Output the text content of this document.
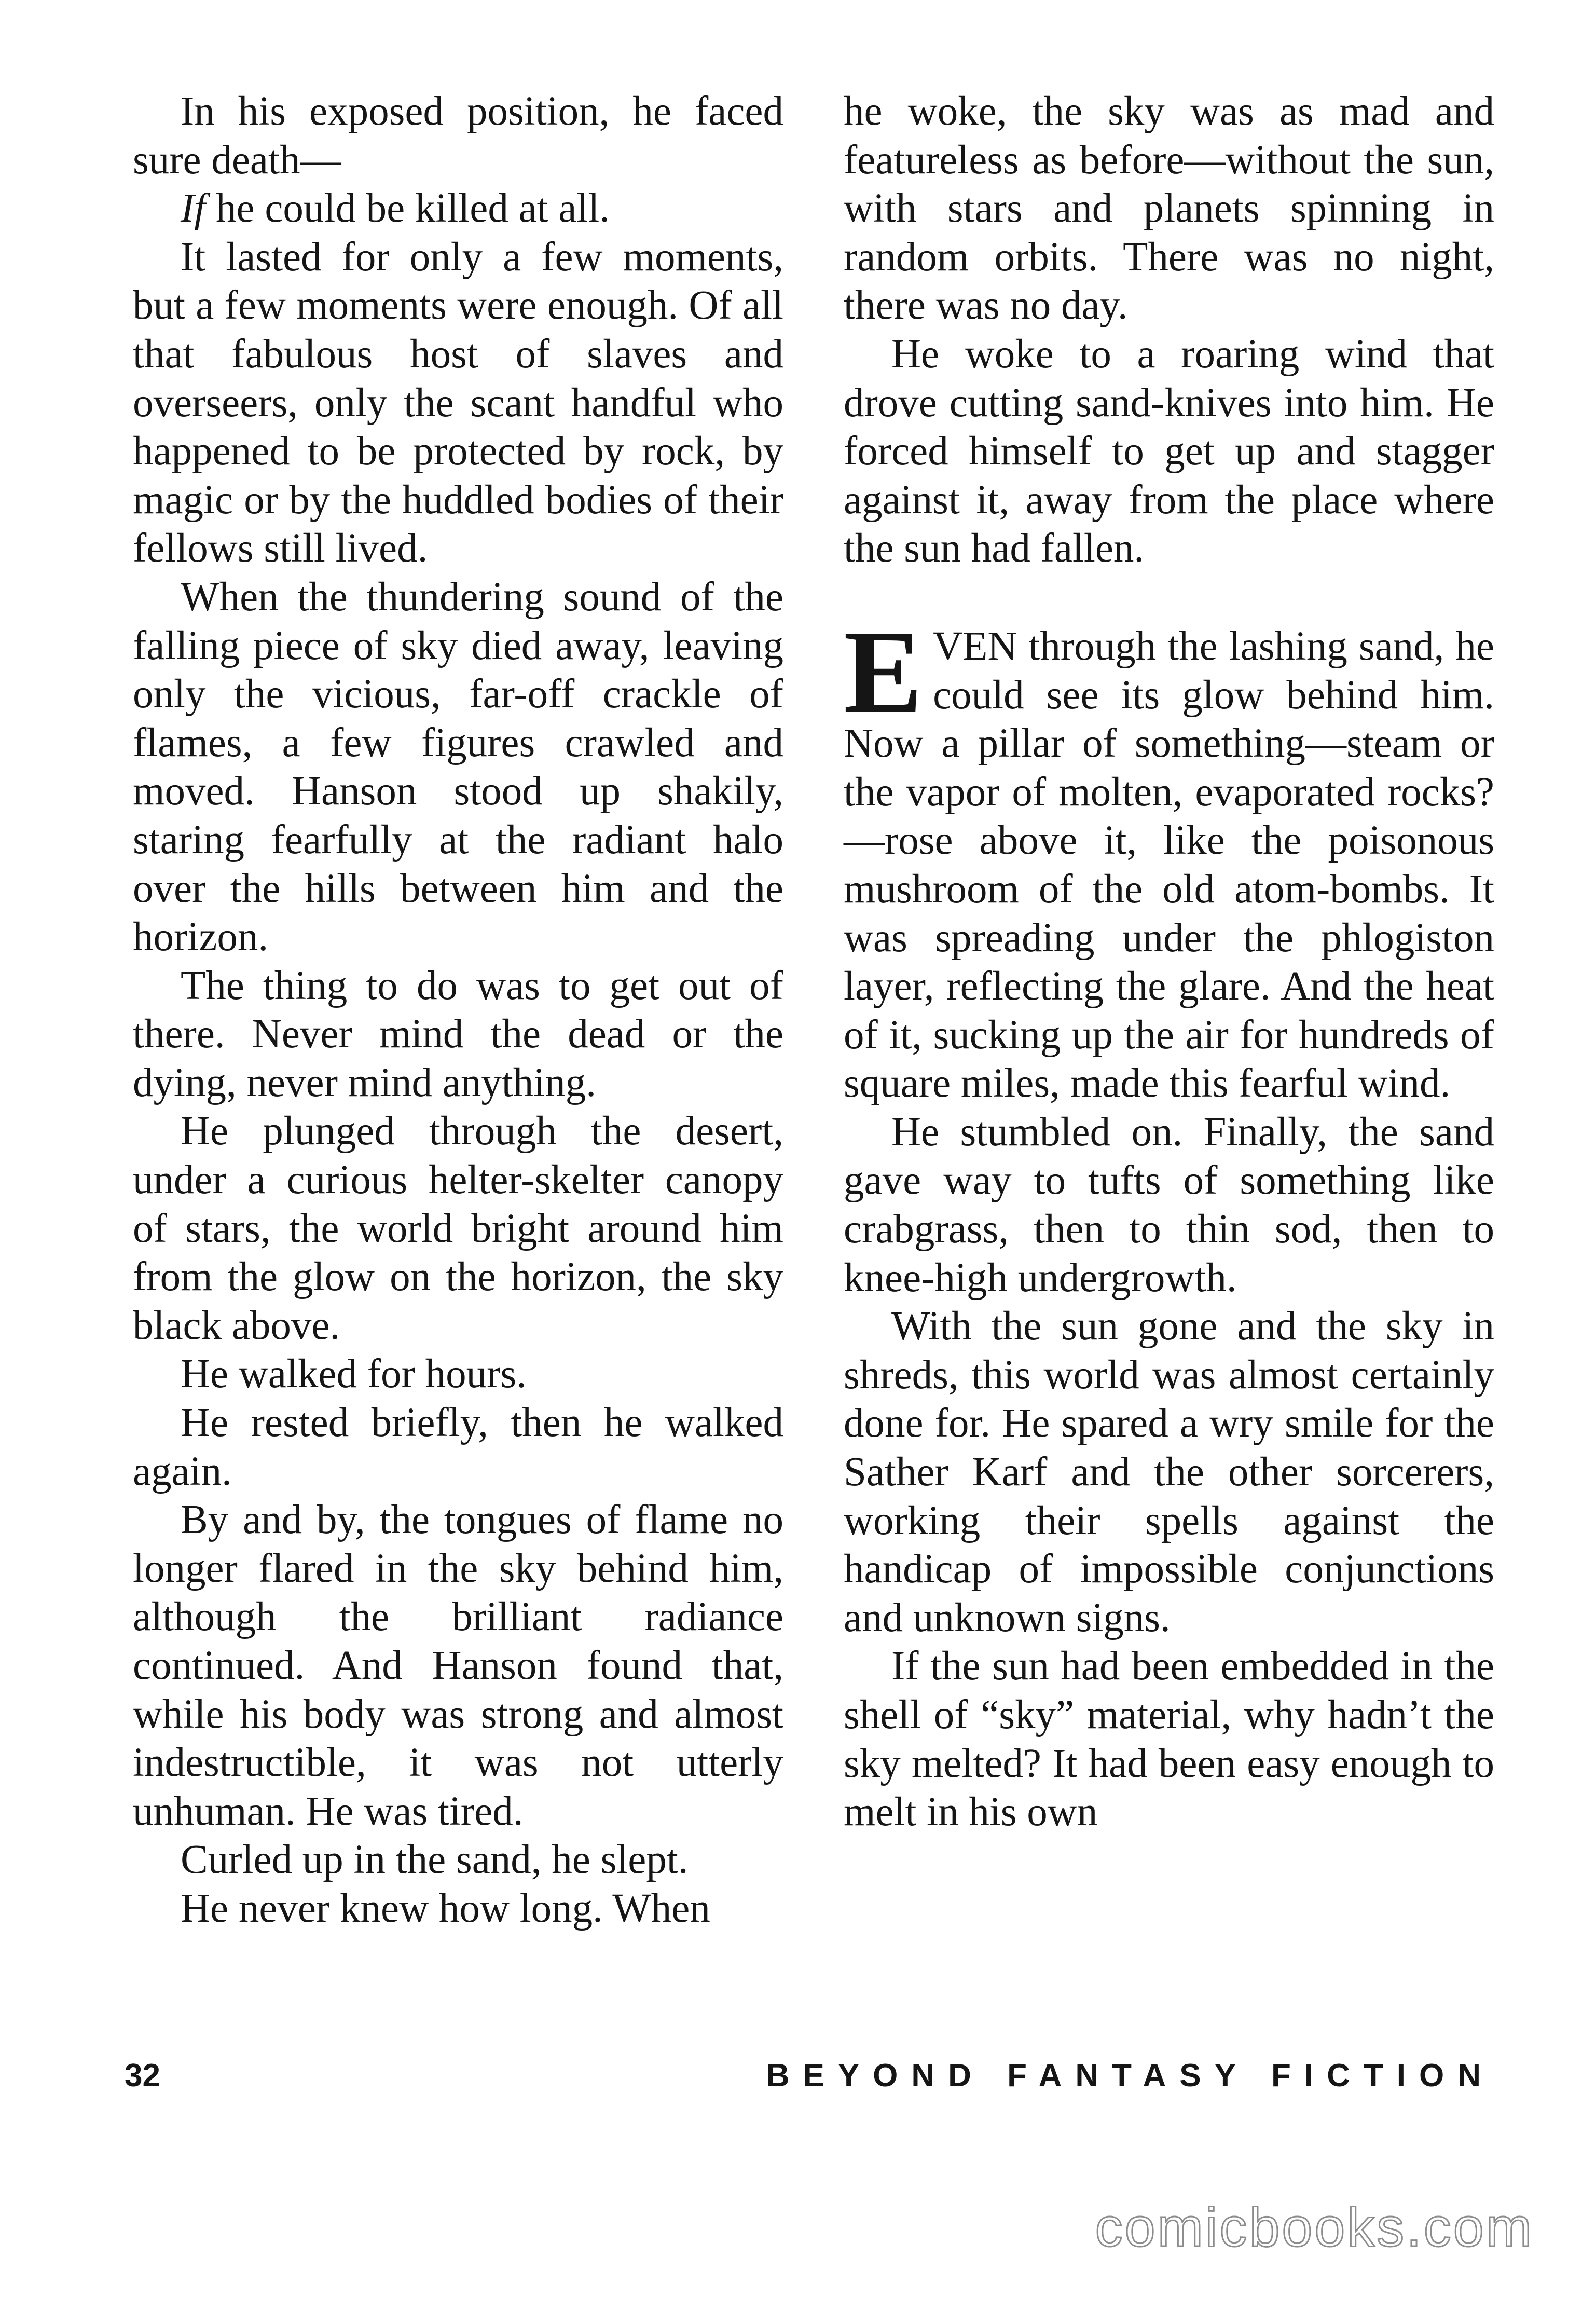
In his exposed position, he faced sure death—

If he could be killed at all.

It lasted for only a few moments, but a few moments were enough. Of all that fabulous host of slaves and overseers, only the scant handful who happened to be protected by rock, by magic or by the huddled bodies of their fellows still lived.

When the thundering sound of the falling piece of sky died away, leaving only the vicious, far-off crackle of flames, a few figures crawled and moved. Hanson stood up shakily, staring fearfully at the radiant halo over the hills between him and the horizon.

The thing to do was to get out of there. Never mind the dead or the dying, never mind anything.

He plunged through the desert, under a curious helter-skelter canopy of stars, the world bright around him from the glow on the horizon, the sky black above.

He walked for hours.

He rested briefly, then he walked again.

By and by, the tongues of flame no longer flared in the sky behind him, although the brilliant radiance continued. And Hanson found that, while his body was strong and almost indestructible, it was not utterly unhuman. He was tired.

Curled up in the sand, he slept.

He never knew how long. When

he woke, the sky was as mad and featureless as before—without the sun, with stars and planets spinning in random orbits. There was no night, there was no day.

He woke to a roaring wind that drove cutting sand-knives into him. He forced himself to get up and stagger against it, away from the place where the sun had fallen.

EVEN through the lashing sand, he could see its glow behind him. Now a pillar of something—steam or the vapor of molten, evaporated rocks?—rose above it, like the poisonous mushroom of the old atom-bombs. It was spreading under the phlogiston layer, reflecting the glare. And the heat of it, sucking up the air for hundreds of square miles, made this fearful wind.

He stumbled on. Finally, the sand gave way to tufts of something like crabgrass, then to thin sod, then to knee-high undergrowth.

With the sun gone and the sky in shreds, this world was almost certainly done for. He spared a wry smile for the Sather Karf and the other sorcerers, working their spells against the handicap of impossible conjunctions and unknown signs.

If the sun had been embedded in the shell of “sky” material, why hadn’t the sky melted? It had been easy enough to melt in his own

32	BEYOND FANTASY FICTION
comicbooks.com
